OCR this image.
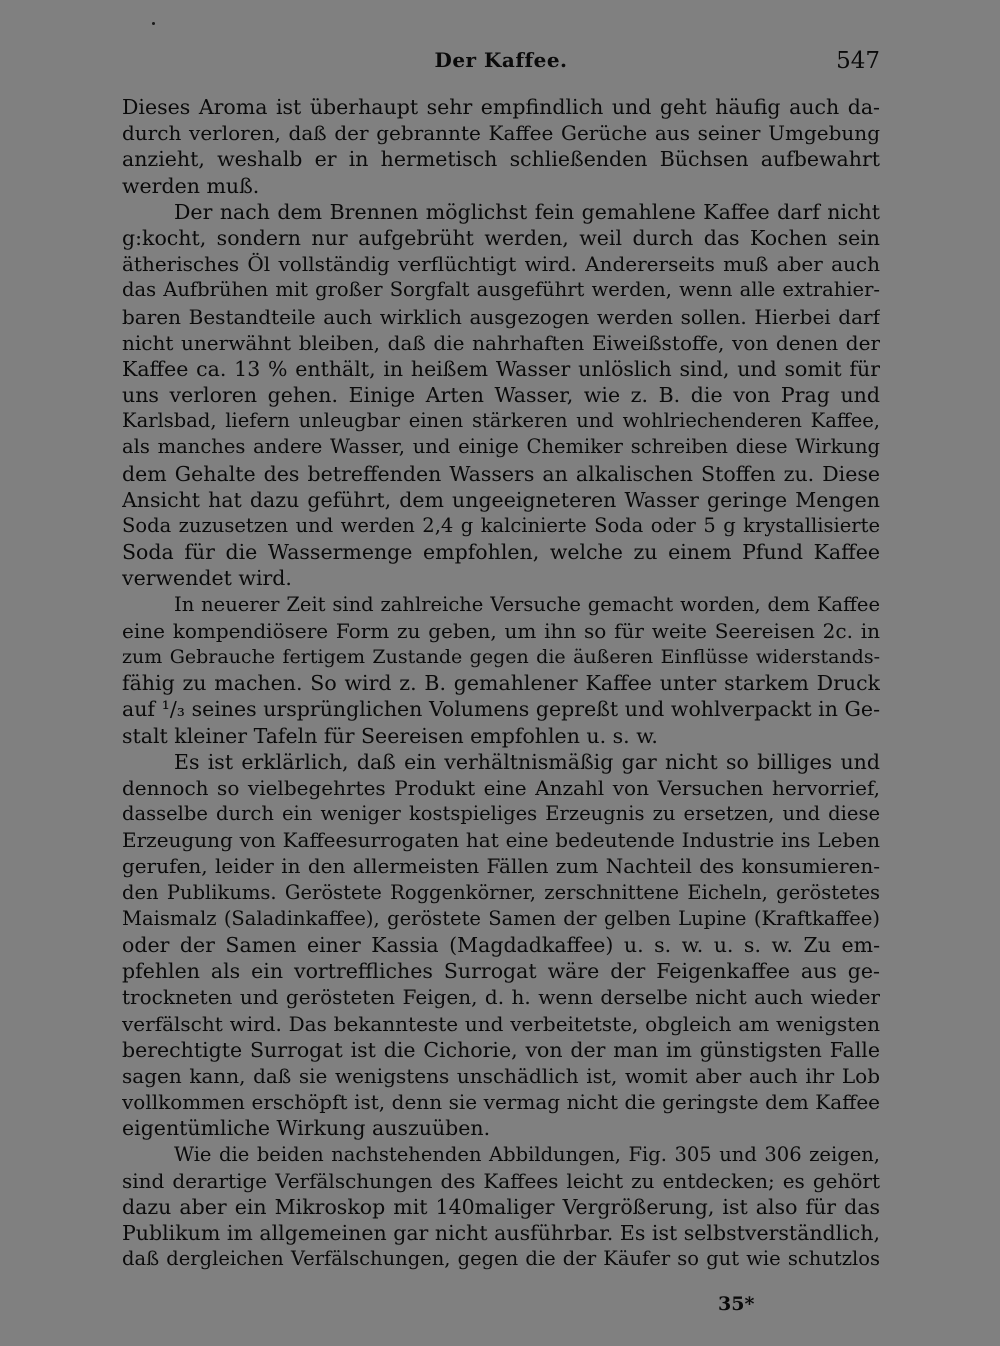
Der Kaffee.	547
Dieses Aroma ist überhaupt sehr empfindlich und geht häufig auch da-
durch verloren, daß der gebrannte Kaffee Gerüche aus seiner Umgebung
anzieht, weshalb er in hermetisch schließenden Büchsen aufbewahrt
werden muß.
Der nach dem Brennen möglichst fein gemahlene Kaffee darf nicht
g:kocht, sondern nur aufgebrüht werden, weil durch das Kochen sein
ätherisches Öl vollständig verflüchtigt wird. Andererseits muß aber auch
das Aufbrühen mit großer Sorgfalt ausgeführt werden, wenn alle extrahier-
baren Bestandteile auch wirklich ausgezogen werden sollen. Hierbei darf
nicht unerwähnt bleiben, daß die nahrhaften Eiweißstoffe, von denen der
Kaffee ca. 13 % enthält, in heißem Wasser unlöslich sind, und somit für
uns verloren gehen. Einige Arten Wasser, wie z. B. die von Prag und
Karlsbad, liefern unleugbar einen stärkeren und wohlriechenderen Kaffee,
als manches andere Wasser, und einige Chemiker schreiben diese Wirkung
dem Gehalte des betreffenden Wassers an alkalischen Stoffen zu. Diese
Ansicht hat dazu geführt, dem ungeeigneteren Wasser geringe Mengen
Soda zuzusetzen und werden 2,4 g kalcinierte Soda oder 5 g krystallisierte
Soda für die Wassermenge empfohlen, welche zu einem Pfund Kaffee
verwendet wird.
In neuerer Zeit sind zahlreiche Versuche gemacht worden, dem Kaffee
eine kompendiösere Form zu geben, um ihn so für weite Seereisen 2c. in
zum Gebrauche fertigem Zustande gegen die äußeren Einflüsse widerstands-
fähig zu machen. So wird z. B. gemahlener Kaffee unter starkem Druck
auf ¹/₃ seines ursprünglichen Volumens gepreßt und wohlverpackt in Ge-
stalt kleiner Tafeln für Seereisen empfohlen u. s. w.
Es ist erklärlich, daß ein verhältnismäßig gar nicht so billiges und
dennoch so vielbegehrtes Produkt eine Anzahl von Versuchen hervorrief,
dasselbe durch ein weniger kostspieliges Erzeugnis zu ersetzen, und diese
Erzeugung von Kaffeesurrogaten hat eine bedeutende Industrie ins Leben
gerufen, leider in den allermeisten Fällen zum Nachteil des konsumieren-
den Publikums. Geröstete Roggenkörner, zerschnittene Eicheln, geröstetes
Maismalz (Saladinkaffee), geröstete Samen der gelben Lupine (Kraftkaffee)
oder der Samen einer Kassia (Magdadkaffee) u. s. w. u. s. w. Zu em-
pfehlen als ein vortreffliches Surrogat wäre der Feigenkaffee aus ge-
trockneten und gerösteten Feigen, d. h. wenn derselbe nicht auch wieder
verfälscht wird. Das bekannteste und verbeitetste, obgleich am wenigsten
berechtigte Surrogat ist die Cichorie, von der man im günstigsten Falle
sagen kann, daß sie wenigstens unschädlich ist, womit aber auch ihr Lob
vollkommen erschöpft ist, denn sie vermag nicht die geringste dem Kaffee
eigentümliche Wirkung auszuüben.
Wie die beiden nachstehenden Abbildungen, Fig. 305 und 306 zeigen,
sind derartige Verfälschungen des Kaffees leicht zu entdecken; es gehört
dazu aber ein Mikroskop mit 140maliger Vergrößerung, ist also für das
Publikum im allgemeinen gar nicht ausführbar. Es ist selbstverständlich,
daß dergleichen Verfälschungen, gegen die der Käufer so gut wie schutzlos
35*
